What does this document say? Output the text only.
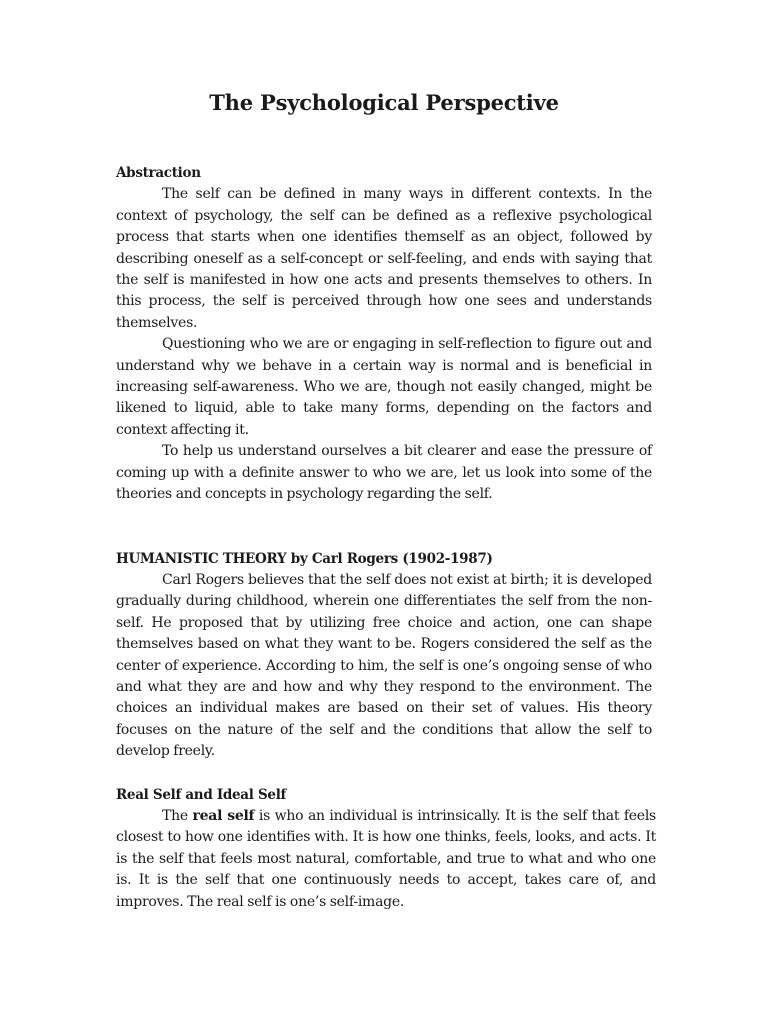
The Psychological Perspective

Abstraction

The self can be defined in many ways in different contexts. In the context of psychology, the self can be defined as a reflexive psychological process that starts when one identifies themself as an object, followed by describing oneself as a self-concept or self-feeling, and ends with saying that the self is manifested in how one acts and presents themselves to others. In this process, the self is perceived through how one sees and understands themselves.

Questioning who we are or engaging in self-reflection to figure out and understand why we behave in a certain way is normal and is beneficial in increasing self-awareness. Who we are, though not easily changed, might be likened to liquid, able to take many forms, depending on the factors and context affecting it.

To help us understand ourselves a bit clearer and ease the pressure of coming up with a definite answer to who we are, let us look into some of the theories and concepts in psychology regarding the self.

HUMANISTIC THEORY by Carl Rogers (1902-1987)

Carl Rogers believes that the self does not exist at birth; it is developed gradually during childhood, wherein one differentiates the self from the non-self. He proposed that by utilizing free choice and action, one can shape themselves based on what they want to be. Rogers considered the self as the center of experience. According to him, the self is one’s ongoing sense of who and what they are and how and why they respond to the environment. The choices an individual makes are based on their set of values. His theory focuses on the nature of the self and the conditions that allow the self to develop freely.

Real Self and Ideal Self

The real self is who an individual is intrinsically. It is the self that feels closest to how one identifies with. It is how one thinks, feels, looks, and acts. It is the self that feels most natural, comfortable, and true to what and who one is. It is the self that one continuously needs to accept, takes care of, and improves. The real self is one’s self-image.
